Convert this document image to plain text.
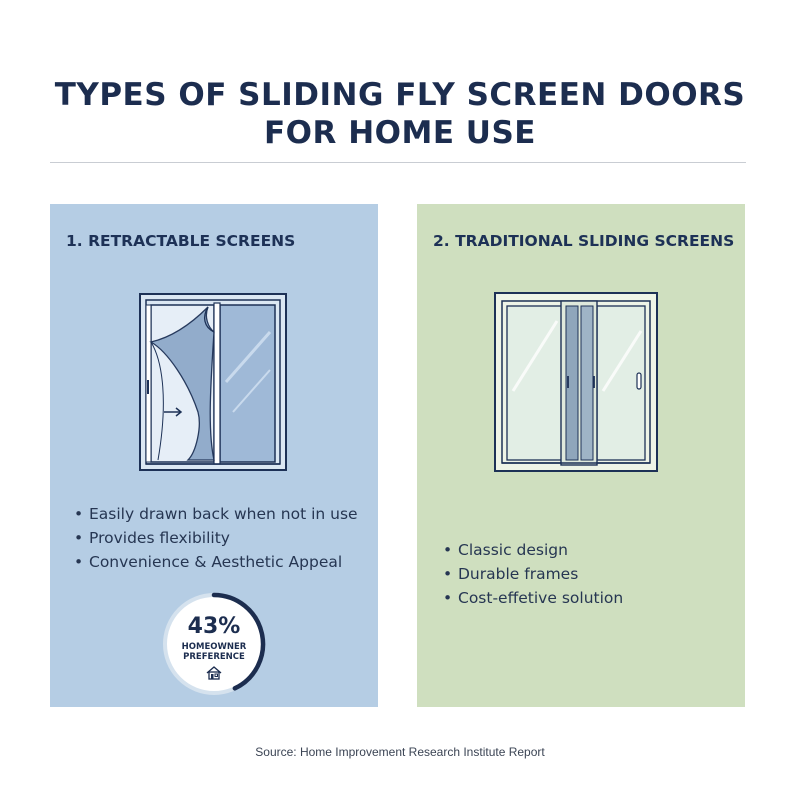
TYPES OF SLIDING FLY SCREEN DOORS
FOR HOME USE
1. RETRACTABLE SCREENS
• Easily drawn back when not in use
• Provides flexibility
• Convenience & Aesthetic Appeal
43%
HOMEOWNER
PREFERENCE
2. TRADITIONAL SLIDING SCREENS
• Classic design
• Durable frames
• Cost-effetive solution
Source: Home Improvement Research Institute Report
